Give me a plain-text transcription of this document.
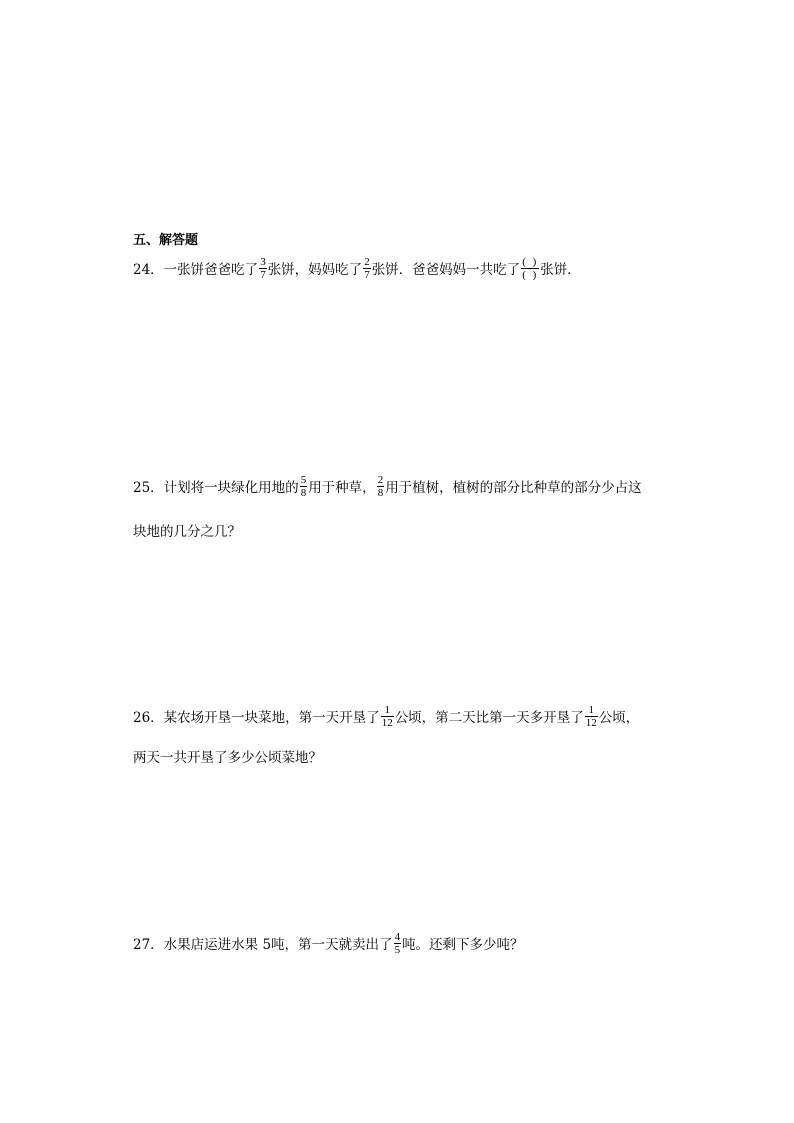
五、解答题
24．一张饼爸爸吃了 $\frac{3}{7}$ 张饼，妈妈吃了 $\frac{2}{7}$ 张饼．爸爸妈妈一共吃了 $\frac{( )}{( )}$ 张饼．
25．计划将一块绿化用地的 $\frac{5}{8}$ 用于种草， $\frac{2}{8}$ 用于植树，植树的部分比种草的部分少占这
块地的几分之几？
26．某农场开垦一块菜地，第一天开垦了 $\frac{1}{12}$ 公顷，第二天比第一天多开垦了 $\frac{1}{12}$ 公顷，
两天一共开垦了多少公顷菜地？
27．水果店运进水果 5吨，第一天就卖出了 $\frac{4}{5}$ 吨。还剩下多少吨？
